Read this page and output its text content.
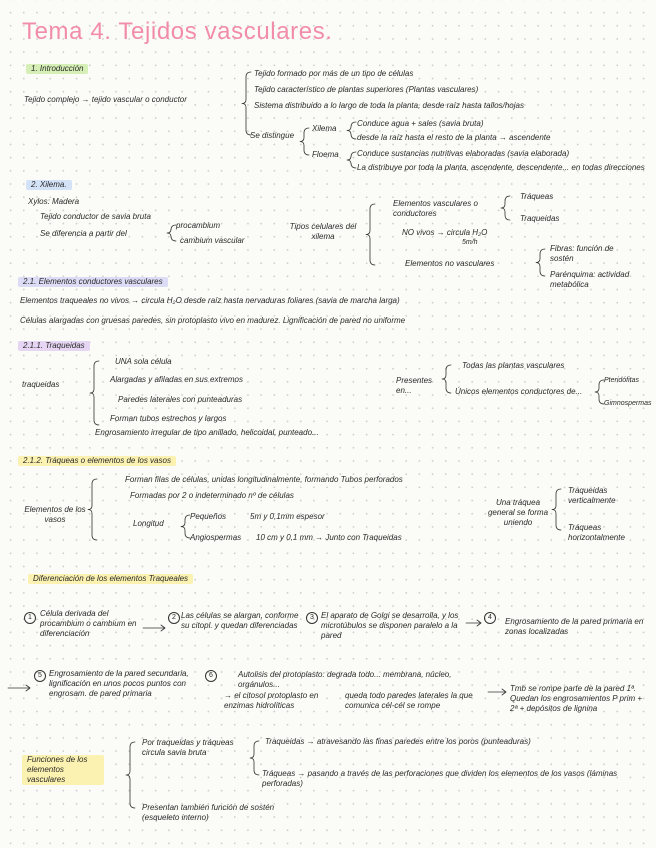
Tema 4. Tejidos vasculares.
1. Introducción
Tejido complejo → tejido vascular o conductor
Tejido formado por más de un tipo de células
Tejido característico de plantas superiores (Plantas vasculares)
Sistema distribuido a lo largo de toda la planta, desde raíz hasta tallos/hojas
Se distingue
Xilema
Floema
Conduce agua + sales (savia bruta)
desde la raíz hasta el resto de la planta → ascendente
Conduce sustancias nutritivas elaboradas (savia elaborada)
La distribuye por toda la planta, ascendente, descendente... en todas direcciones
2. Xilema.
Xylos: Madera
Tejido conductor de savia bruta
Se diferencia a partir del
procambium
cambium vascular
Tipos celulares del xilema
Elementos vasculares o conductores
Tráqueas
Traqueidas
NO vivos → circula H₂O
5m/h
Elementos no vasculares
Fibras: función de sostén
Parénquima: actividad metabólica
2.1. Elementos conductores vasculares
Elementos traqueales no vivos → circula H₂O desde raíz hasta nervaduras foliares (savia de marcha larga)
Células alargadas con gruesas paredes, sin protoplasto vivo en madurez. Lignificación de pared no uniforme
2.1.1. Traqueidas
traqueidas
UNA sola célula
Alargadas y afiladas en sus extremos
Paredes laterales con punteaduras
Forman tubos estrechos y largos
Engrosamiento irregular de tipo anillado, helicoidal, punteado...
Presentes en...
Todas las plantas vasculares
Únicos elementos conductores de...
Pteridófitas
Gimnospermas
2.1.2. Tráqueas o elementos de los vasos
Elementos de los vasos
Forman filas de células, unidas longitudinalmente, formando Tubos perforados
Formadas por 2 o indeterminado nº de células
Longitud
Pequeños	5m y 0,1mm espesor
Angiospermas 10 cm y 0,1 mm → Junto con Traqueidas
Una tráquea general se forma uniendo
Traqueidas verticalmente
Tráqueas horizontalmente
Diferenciación de los elementos Traqueales
1	Célula derivada del procambium o cambium en diferenciación
2 Las células se alargan, conforme su citopl. y quedan diferenciadas
3 El aparato de Golgi se desarrolla, y los microtúbulos se disponen paralelo a la pared
4	Engrosamiento de la pared primaria en zonas localizadas
5 Engrosamiento de la pared secundaria, lignificación en unos pocos puntos con engrosam. de pared primaria
6	Autolisis del protoplasto: degrada todo... membrana, núcleo, orgánulos...
→ el citosol protoplasto en enzimas hidrolíticas
queda todo paredes laterales la que comunica cél-cél se rompe
Tmb se rompe parte de la pared 1ª. Quedan los engrosamientos P prim + 2ª + depósitos de lignina
Funciones de los elementos vasculares
Por traqueidas y tráqueas circula savia bruta
Traqueidas → atravesando las finas paredes entre los poros (punteaduras)
Tráqueas → pasando a través de las perforaciones que dividen los elementos de los vasos (láminas perforadas)
Presentan también función de sostén (esqueleto interno)
